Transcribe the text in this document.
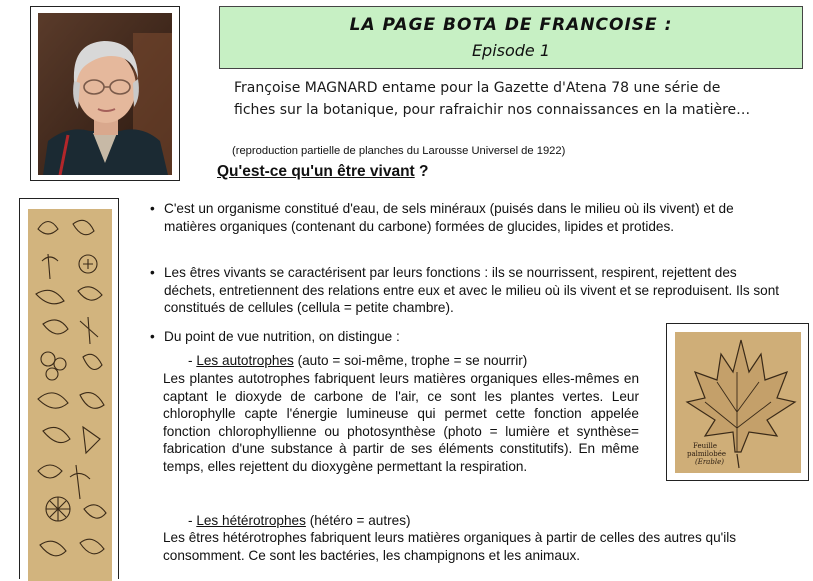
LA PAGE BOTA DE FRANCOISE :
Episode 1
Françoise MAGNARD entame pour la Gazette d'Atena 78 une série de fiches sur la botanique, pour rafraichir nos connaissances en la matière…
(reproduction partielle de planches du Larousse Universel de 1922)
Qu'est-ce qu'un être vivant ?
• C'est un organisme constitué d'eau, de sels minéraux (puisés dans le milieu où ils vivent) et de matières organiques (contenant du carbone) formées de glucides, lipides et protides.
• Les êtres vivants se caractérisent par leurs fonctions : ils se nourrissent, respirent, rejettent des déchets, entretiennent des relations entre eux et avec le milieu où ils vivent et se reproduisent. Ils sont constitués de cellules (cellula = petite chambre).
• Du point de vue nutrition, on distingue :
- Les autotrophes (auto = soi-même, trophe = se nourrir)
Les plantes autotrophes fabriquent leurs matières organiques elles-mêmes en captant le dioxyde de carbone de l'air, ce sont les plantes vertes. Leur chlorophylle capte l'énergie lumineuse qui permet cette fonction appelée fonction chlorophyllienne ou photosynthèse (photo = lumière et synthèse= fabrication d'une substance à partir de ses éléments constitutifs). En même temps, elles rejettent du dioxygène permettant la respiration.
- Les hétérotrophes (hétéro = autres)
Les êtres hétérotrophes fabriquent leurs matières organiques à partir de celles des autres qu'ils consomment. Ce sont les bactéries, les champignons et les animaux.
Feuille
palmilobée
(Erable)
